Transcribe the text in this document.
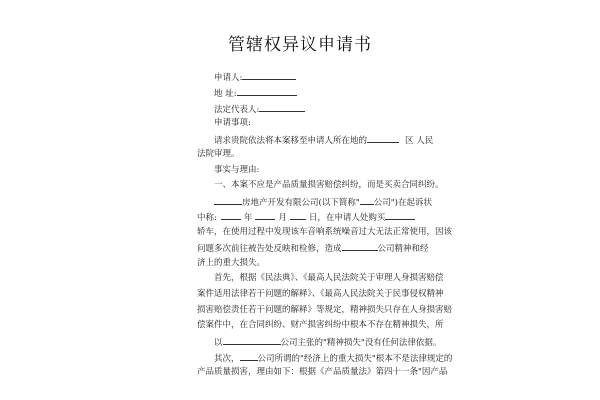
管辖权异议申请书
申请人:
地 址:
法定代表人:
申请事项:
请求贵院依法将本案移至申请人所在地的	区 人民
法院审理。
事实与理由:
一、本案不应是产品质量损害赔偿纠纷，而是买卖合同纠纷。
房地产开发有限公司(以下简称" 公司")在起诉状
中称:	年	月	日，在申请人处购买
轿车，在使用过程中发现该车音响系统噪音过大无法正常使用，因该
问题多次前往被告处反映和检修，造成	公司精神和经
济上的重大损失。
首先，根据《民法典》、《最高人民法院关于审理人身损害赔偿
案件适用法律若干问题的解释》、《最高人民法院关于民事侵权精神
损害赔偿责任若干问题的解释》等规定，精神损失只存在人身损害赔
偿案件中，在合同纠纷、财产损害纠纷中根本不存在精神损失，所
以	公司主张的"精神损失"没有任何法律依据。
其次， 公司所谓的"经济上的重大损失"根本不是法律规定的
产品质量损害，理由如下：根据《产品质量法》第四十一条"因产品
